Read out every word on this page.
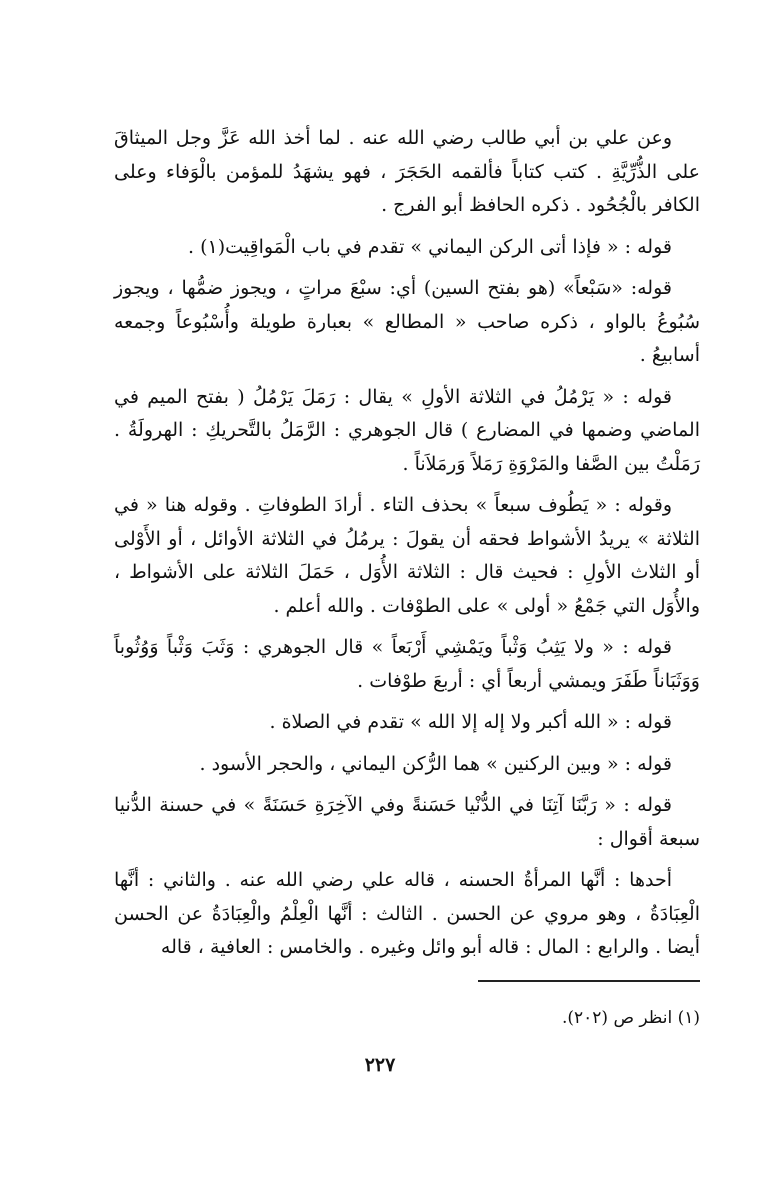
وعن علي بن أبي طالب رضي الله عنه . لما أخذ الله عَزَّ وجل الميثاقَ على الذُّرِّيَّةِ . كتب كتاباً فألقمه الحَجَرَ ، فهو يشهَدُ للمؤمن بالْوَفاء وعلى الكافر بالْجُحُود . ذكره الحافظ أبو الفرج .

قوله : « فإذا أتى الركن اليماني » تقدم في باب الْمَواقِيت(١) .

قوله: «سَبْعاً» (هو بفتح السين) أي: سبْعَ مراتٍ ، ويجوز ضمُّها ، ويجوز سُبُوعُ بالواو ، ذكره صاحب « المطالع » بعبارة طويلة وأُسْبُوعاً وجمعه أسابيعُ .

قوله : « يَرْمُلُ في الثلاثة الأولِ » يقال : رَمَلَ يَرْمُلُ ( بفتح الميم في الماضي وضمها في المضارع ) قال الجوهري : الرَّمَلُ بالتَّحريكِ : الهرولَةُ . رَمَلْتُ بين الصَّفا والمَرْوَةِ رَمَلاً وَرمَلاَناً .

وقوله : « يَطُوف سبعاً » بحذف التاء . أرادَ الطوفاتِ . وقوله هنا « في الثلاثة » يريدُ الأشواط فحقه أن يقولَ : يرمُلُ في الثلاثة الأوائل ، أو الأَوْلى أو الثلاث الأولِ : فحيث قال : الثلاثة الأُوَل ، حَمَلَ الثلاثة على الأشواط ، والأُوَل التي جَمْعُ « أولى » على الطوْفات . والله أعلم .

قوله : « ولا يَثِبُ وَثْباً ويَمْشِي أَرْبَعاً » قال الجوهري : وَثَبَ وَثْباً وَوُثُوباً وَوَثَبَاناً طَفَرَ ويمشي أربعاً أي : أربعَ طوْفات .

قوله : « الله أكبر ولا إله إلا الله » تقدم في الصلاة .

قوله : « وبين الركنين » هما الرُّكن اليماني ، والحجر الأسود .

قوله : « رَبَّنَا آتِنَا في الدُّنْيا حَسَنةً وفي الآخِرَةِ حَسَنَةً » في حسنة الدُّنيا سبعة أقوال :

أحدها : أنَّها المرأةُ الحسنه ، قاله علي رضي الله عنه . والثاني : أنَّها الْعِبَادَةُ ، وهو مروي عن الحسن . الثالث : أنَّها الْعِلْمُ والْعِبَادَةُ عن الحسن أيضا . والرابع : المال : قاله أبو وائل وغيره . والخامس : العافية ، قاله

(١) انظر ص (٢٠٢).
٢٢٧
